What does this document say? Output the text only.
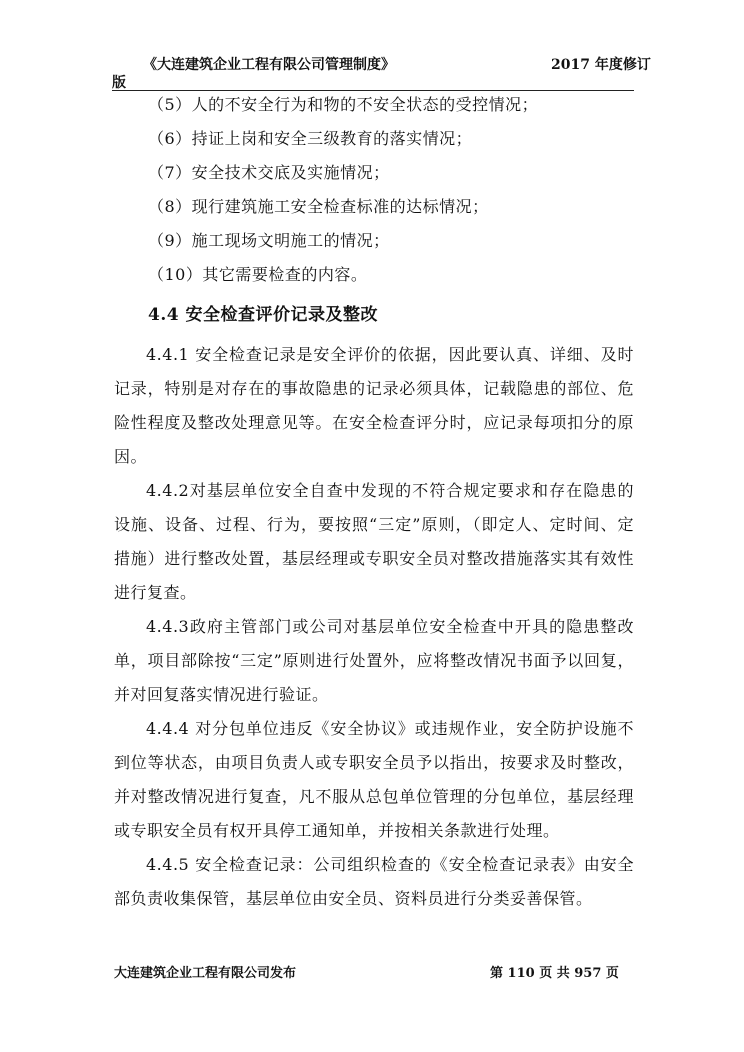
《大连建筑企业工程有限公司管理制度》	2017 年度修订
版

（5）人的不安全行为和物的不安全状态的受控情况；

（6）持证上岗和安全三级教育的落实情况；

（7）安全技术交底及实施情况；

（8）现行建筑施工安全检查标准的达标情况；

（9）施工现场文明施工的情况；

（10）其它需要检查的内容。

4.4 安全检查评价记录及整改

4.4.1 安全检查记录是安全评价的依据，因此要认真、详细、及时记录，特别是对存在的事故隐患的记录必须具体，记载隐患的部位、危险性程度及整改处理意见等。在安全检查评分时，应记录每项扣分的原因。

4.4.2对基层单位安全自查中发现的不符合规定要求和存在隐患的设施、设备、过程、行为，要按照“三定”原则，（即定人、定时间、定措施）进行整改处置，基层经理或专职安全员对整改措施落实其有效性进行复查。

4.4.3政府主管部门或公司对基层单位安全检查中开具的隐患整改单，项目部除按“三定”原则进行处置外，应将整改情况书面予以回复，并对回复落实情况进行验证。

4.4.4 对分包单位违反《安全协议》或违规作业，安全防护设施不到位等状态，由项目负责人或专职安全员予以指出，按要求及时整改，并对整改情况进行复查，凡不服从总包单位管理的分包单位，基层经理或专职安全员有权开具停工通知单，并按相关条款进行处理。

4.4.5 安全检查记录：公司组织检查的《安全检查记录表》由安全部负责收集保管，基层单位由安全员、资料员进行分类妥善保管。

大连建筑企业工程有限公司发布	第 110 页 共 957 页
